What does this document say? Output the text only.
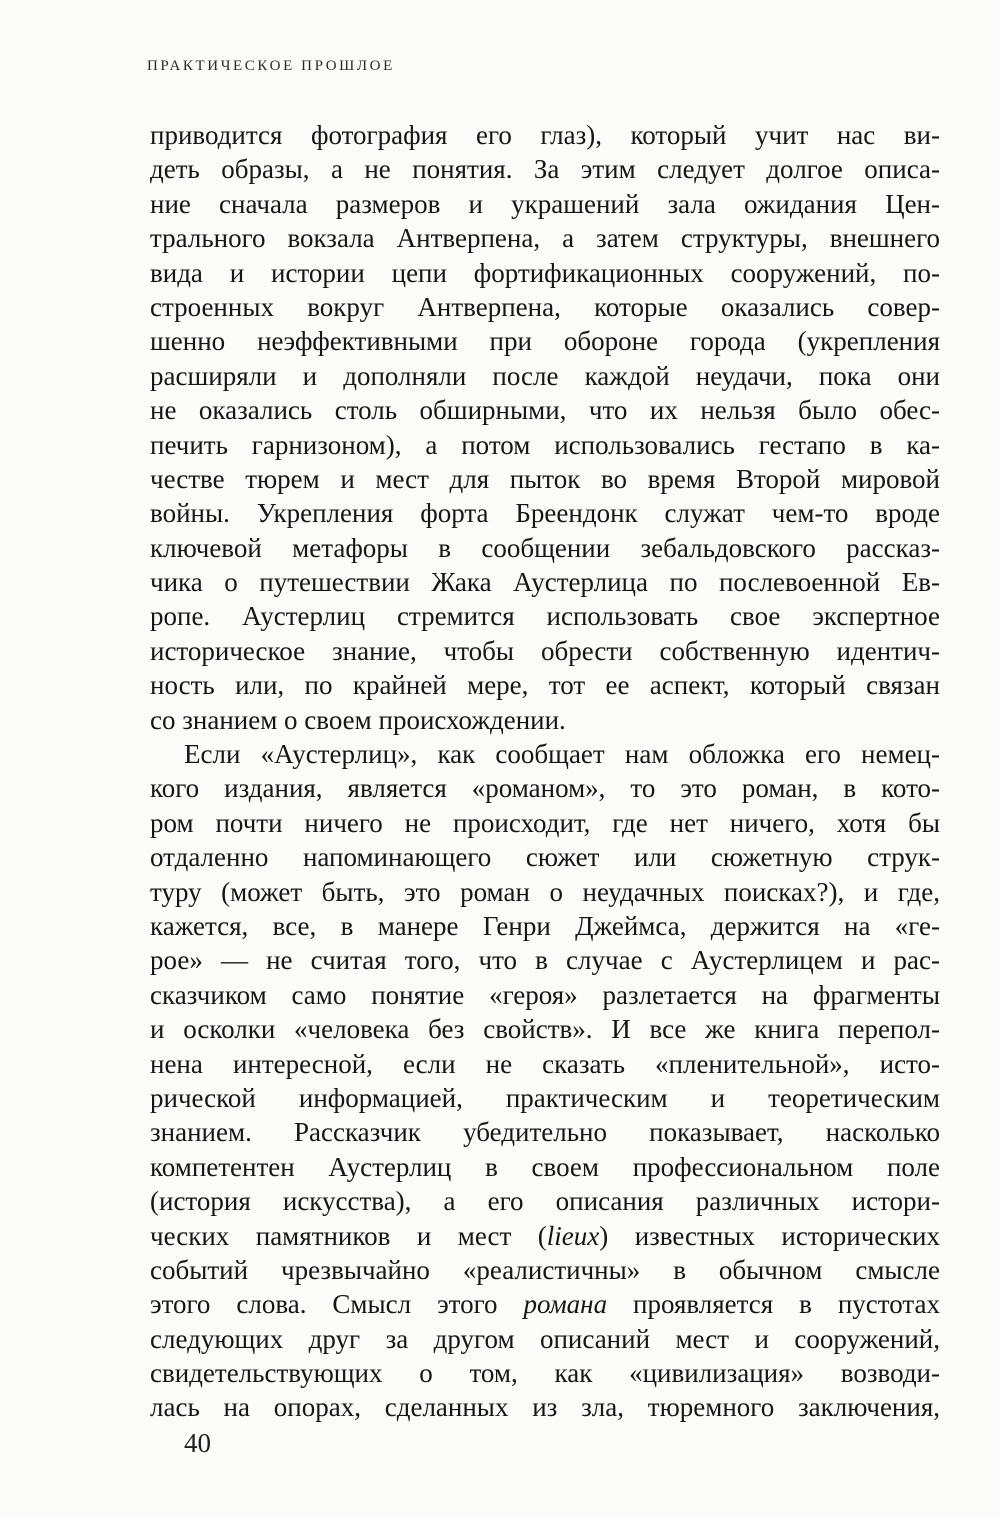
ПРАКТИЧЕСКОЕ ПРОШЛОЕ
приводится фотография его глаз), который учит нас ви-
деть образы, а не понятия. За этим следует долгое описа-
ние сначала размеров и украшений зала ожидания Цен-
трального вокзала Антверпена, а затем структуры, внешнего
вида и истории цепи фортификационных сооружений, по-
строенных вокруг Антверпена, которые оказались совер-
шенно неэффективными при обороне города (укрепления
расширяли и дополняли после каждой неудачи, пока они
не оказались столь обширными, что их нельзя было обес-
печить гарнизоном), а потом использовались гестапо в ка-
честве тюрем и мест для пыток во время Второй мировой
войны. Укрепления форта Бреендонк служат чем-то вроде
ключевой метафоры в сообщении зебальдовского рассказ-
чика о путешествии Жака Аустерлица по послевоенной Ев-
ропе. Аустерлиц стремится использовать свое экспертное
историческое знание, чтобы обрести собственную идентич-
ность или, по крайней мере, тот ее аспект, который связан
со знанием о своем происхождении.
Если «Аустерлиц», как сообщает нам обложка его немец-
кого издания, является «романом», то это роман, в кото-
ром почти ничего не происходит, где нет ничего, хотя бы
отдаленно напоминающего сюжет или сюжетную струк-
туру (может быть, это роман о неудачных поисках?), и где,
кажется, все, в манере Генри Джеймса, держится на «ге-
рое» — не считая того, что в случае с Аустерлицем и рас-
сказчиком само понятие «героя» разлетается на фрагменты
и осколки «человека без свойств». И все же книга перепол-
нена интересной, если не сказать «пленительной», исто-
рической информацией, практическим и теоретическим
знанием. Рассказчик убедительно показывает, насколько
компетентен Аустерлиц в своем профессиональном поле
(история искусства), а его описания различных истори-
ческих памятников и мест (lieux) известных исторических
событий чрезвычайно «реалистичны» в обычном смысле
этого слова. Смысл этого романа проявляется в пустотах
следующих друг за другом описаний мест и сооружений,
свидетельствующих о том, как «цивилизация» возводи-
лась на опорах, сделанных из зла, тюремного заключения,
40
